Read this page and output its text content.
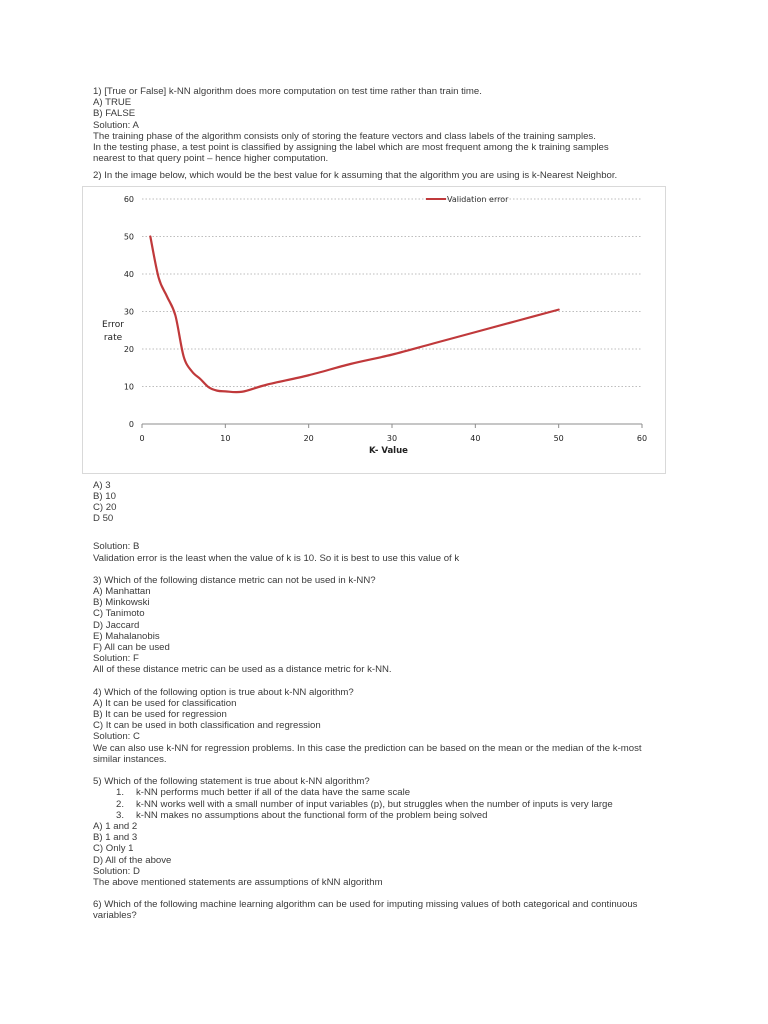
1) [True or False] k-NN algorithm does more computation on test time rather than train time.
A) TRUE
B) FALSE
Solution: A
The training phase of the algorithm consists only of storing the feature vectors and class labels of the training samples.
In the testing phase, a test point is classified by assigning the label which are most frequent among the k training samples
nearest to that query point – hence higher computation.
2) In the image below, which would be the best value for k assuming that the algorithm you are using is k-Nearest Neighbor.
0
10
20
30
40
50
60
0	10	20	30	40	50	60
Error rate
K- Value
Validation error
A) 3
B) 10
C) 20
D 50
Solution: B
Validation error is the least when the value of k is 10. So it is best to use this value of k
3) Which of the following distance metric can not be used in k-NN?
A) Manhattan
B) Minkowski
C) Tanimoto
D) Jaccard
E) Mahalanobis
F) All can be used
Solution: F
All of these distance metric can be used as a distance metric for k-NN.
4) Which of the following option is true about k-NN algorithm?
A) It can be used for classification
B) It can be used for regression
C) It can be used in both classification and regression
Solution: C
We can also use k-NN for regression problems. In this case the prediction can be based on the mean or the median of the k-most similar instances.
5) Which of the following statement is true about k-NN algorithm?
1. k-NN performs much better if all of the data have the same scale
2. k-NN works well with a small number of input variables (p), but struggles when the number of inputs is very large
3. k-NN makes no assumptions about the functional form of the problem being solved
A) 1 and 2
B) 1 and 3
C) Only 1
D) All of the above
Solution: D
The above mentioned statements are assumptions of kNN algorithm
6) Which of the following machine learning algorithm can be used for imputing missing values of both categorical and continuous variables?
